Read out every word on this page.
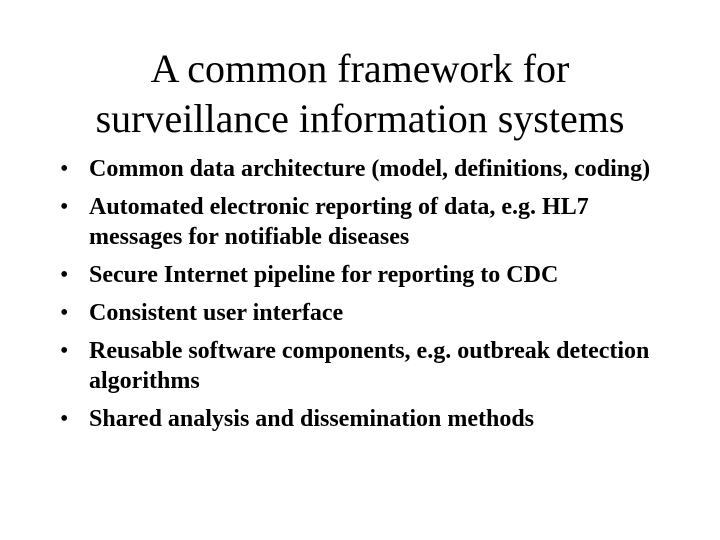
A common framework for
surveillance information systems
• Common data architecture (model, definitions, coding)
• Automated electronic reporting of data, e.g. HL7 messages for notifiable diseases
• Secure Internet pipeline for reporting to CDC
• Consistent user interface
• Reusable software components, e.g. outbreak detection algorithms
• Shared analysis and dissemination methods
